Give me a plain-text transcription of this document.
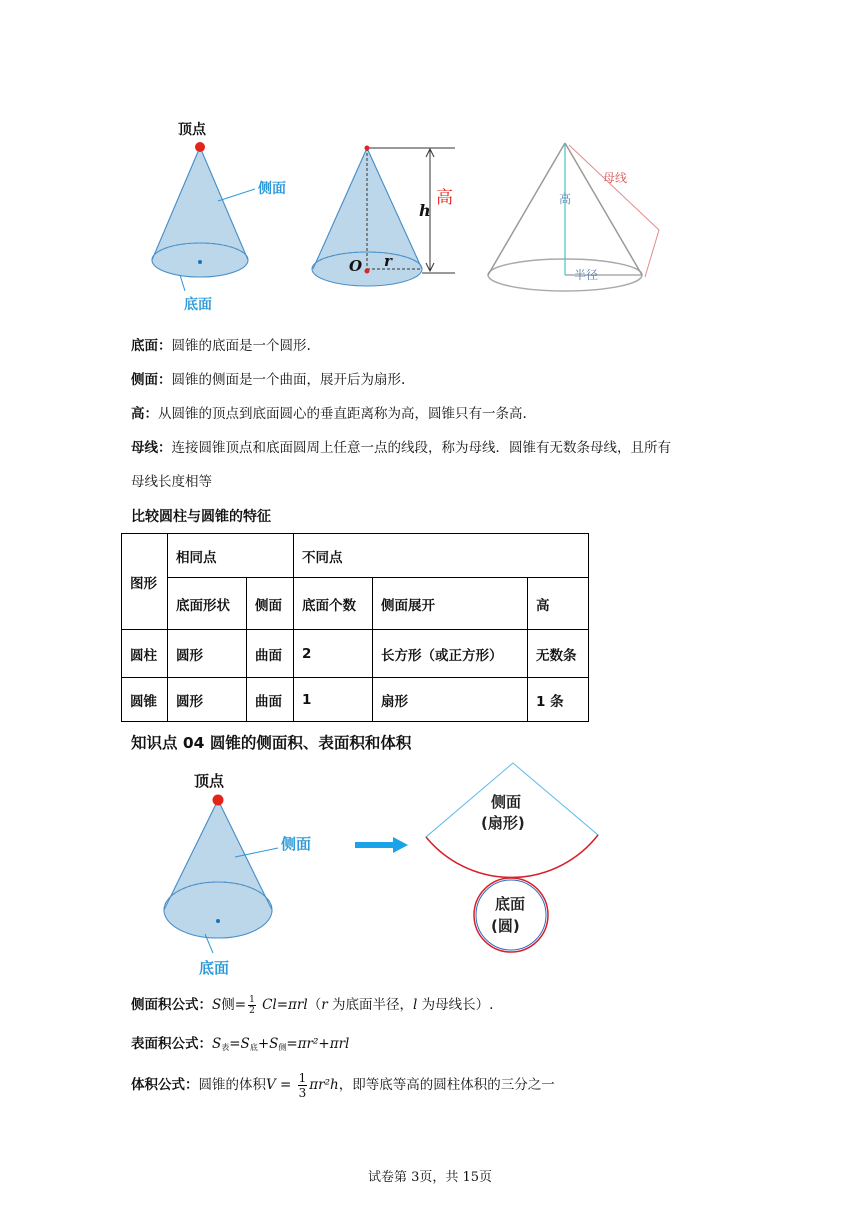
顶点
侧面
底面
h
高
O r
高
母线
半径
底面：圆锥的底面是一个圆形.
侧面：圆锥的侧面是一个曲面，展开后为扇形.
高：从圆锥的顶点到底面圆心的垂直距离称为高，圆锥只有一条高.
母线：连接圆锥顶点和底面圆周上任意一点的线段，称为母线．圆锥有无数条母线，且所有
母线长度相等
比较圆柱与圆锥的特征
图形	相同点		不同点		
	底面形状	侧面	底面个数	侧面展开	高
圆柱	圆形	曲面	2	长方形（或正方形）	无数条
圆锥	圆形	曲面	1	扇形	1 条
知识点 04 圆锥的侧面积、表面积和体积
顶点
侧面
底面
侧面
(扇形)
底面
(圆)
侧面积公式：S侧= $\frac{1}{2} Cl=\pi rl(r$ 为底面半径，l 为母线长）.
表面积公式：$S_表=S_底+S_侧=\pi r^2+\pi rl$
体积公式：圆锥的体积$V = \frac{1}{3} \pi r^2h$，即等底等高的圆柱体积的三分之一
试卷第 3页，共 15页
